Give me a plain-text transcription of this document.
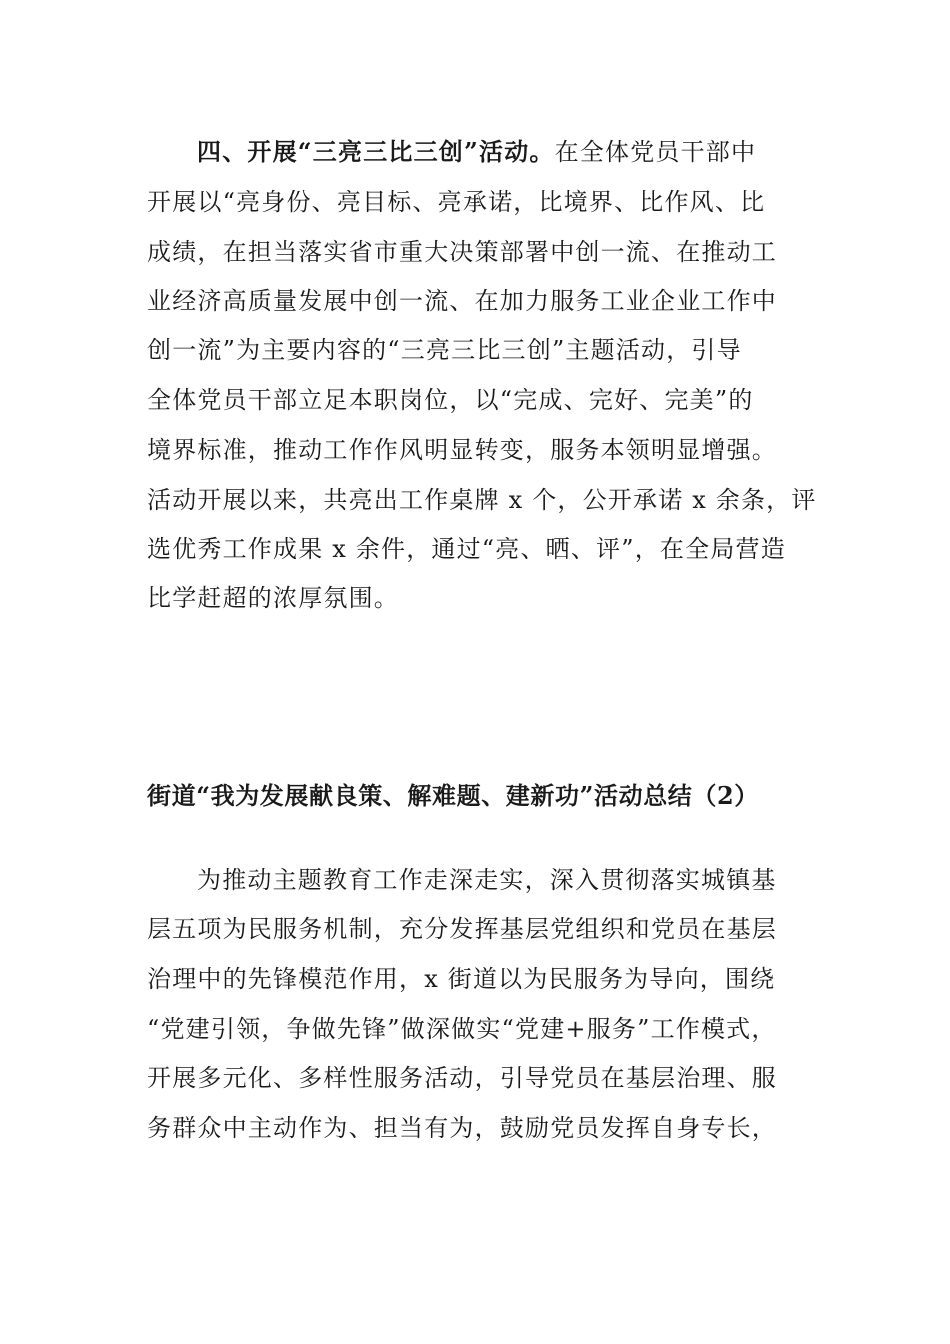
四、开展“三亮三比三创”活动。在全体党员干部中
开展以“亮身份、亮目标、亮承诺，比境界、比作风、比
成绩，在担当落实省市重大决策部署中创一流、在推动工
业经济高质量发展中创一流、在加力服务工业企业工作中
创一流”为主要内容的“三亮三比三创”主题活动，引导
全体党员干部立足本职岗位，以“完成、完好、完美”的
境界标准，推动工作作风明显转变，服务本领明显增强。
活动开展以来，共亮出工作桌牌 x 个，公开承诺 x 余条，评
选优秀工作成果 x 余件，通过“亮、晒、评”，在全局营造
比学赶超的浓厚氛围。
街道“我为发展献良策、解难题、建新功”活动总结（2）
为推动主题教育工作走深走实，深入贯彻落实城镇基
层五项为民服务机制，充分发挥基层党组织和党员在基层
治理中的先锋模范作用，x 街道以为民服务为导向，围绕
“党建引领，争做先锋”做深做实“党建+服务”工作模式，
开展多元化、多样性服务活动，引导党员在基层治理、服
务群众中主动作为、担当有为，鼓励党员发挥自身专长，
